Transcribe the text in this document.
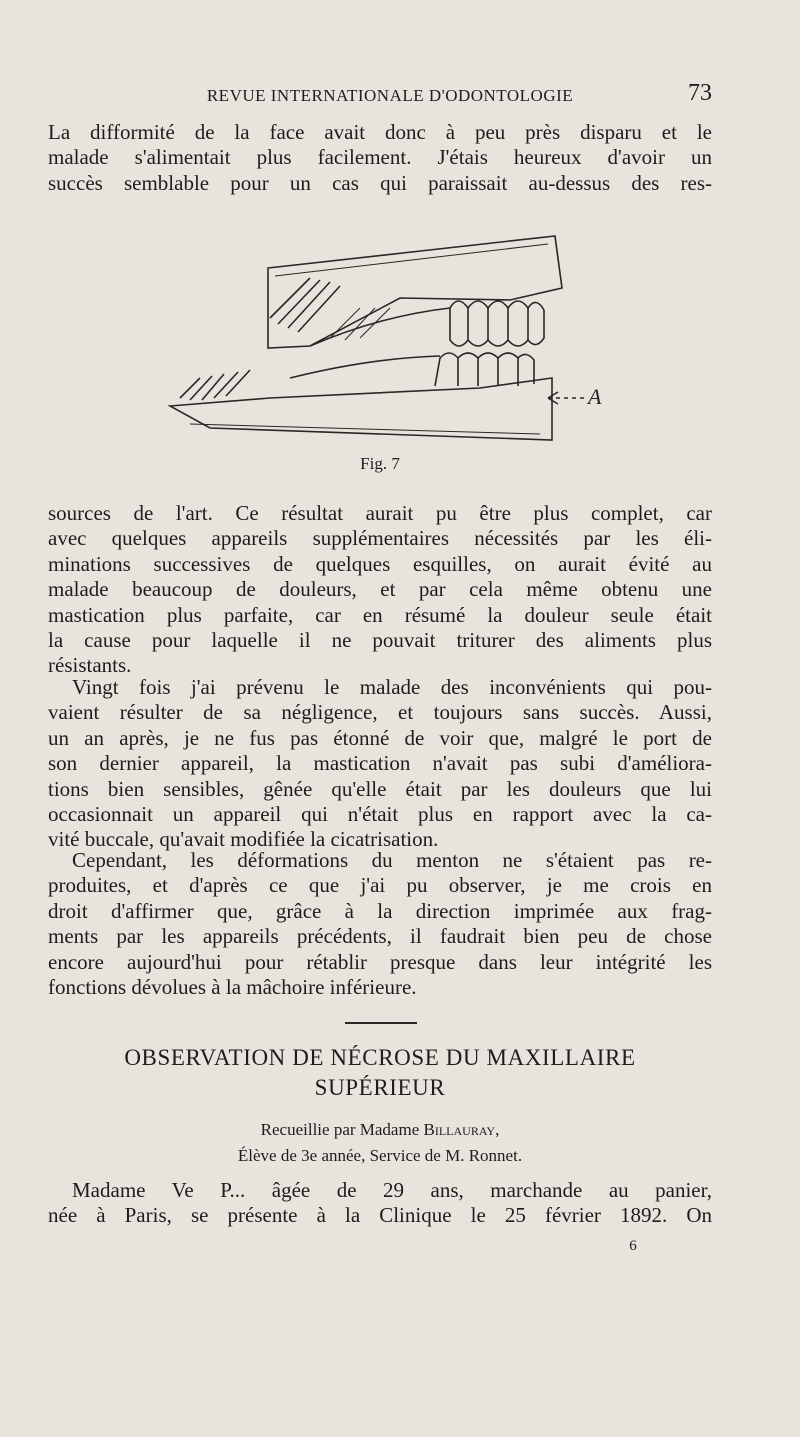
REVUE INTERNATIONALE D'ODONTOLOGIE	73

La difformité de la face avait donc à peu près disparu et le
malade s'alimentait plus facilement. J'étais heureux d'avoir un
succès semblable pour un cas qui paraissait au-dessus des res-

A
Fig. 7

sources de l'art. Ce résultat aurait pu être plus complet, car
avec quelques appareils supplémentaires nécessités par les éli-
minations successives de quelques esquilles, on aurait évité au
malade beaucoup de douleurs, et par cela même obtenu une
mastication plus parfaite, car en résumé la douleur seule était
la cause pour laquelle il ne pouvait triturer des aliments plus
résistants.

Vingt fois j'ai prévenu le malade des inconvénients qui pou-
vaient résulter de sa négligence, et toujours sans succès. Aussi,
un an après, je ne fus pas étonné de voir que, malgré le port de
son dernier appareil, la mastication n'avait pas subi d'améliora-
tions bien sensibles, gênée qu'elle était par les douleurs que lui
occasionnait un appareil qui n'était plus en rapport avec la ca-
vité buccale, qu'avait modifiée la cicatrisation.

Cependant, les déformations du menton ne s'étaient pas re-
produites, et d'après ce que j'ai pu observer, je me crois en
droit d'affirmer que, grâce à la direction imprimée aux frag-
ments par les appareils précédents, il faudrait bien peu de chose
encore aujourd'hui pour rétablir presque dans leur intégrité les
fonctions dévolues à la mâchoire inférieure.

OBSERVATION DE NÉCROSE DU MAXILLAIRE
SUPÉRIEUR
Recueillie par Madame Billauray,
Élève de 3e année, Service de M. Ronnet.

Madame Ve P... âgée de 29 ans, marchande au panier,
née à Paris, se présente à la Clinique le 25 février 1892. On

6
